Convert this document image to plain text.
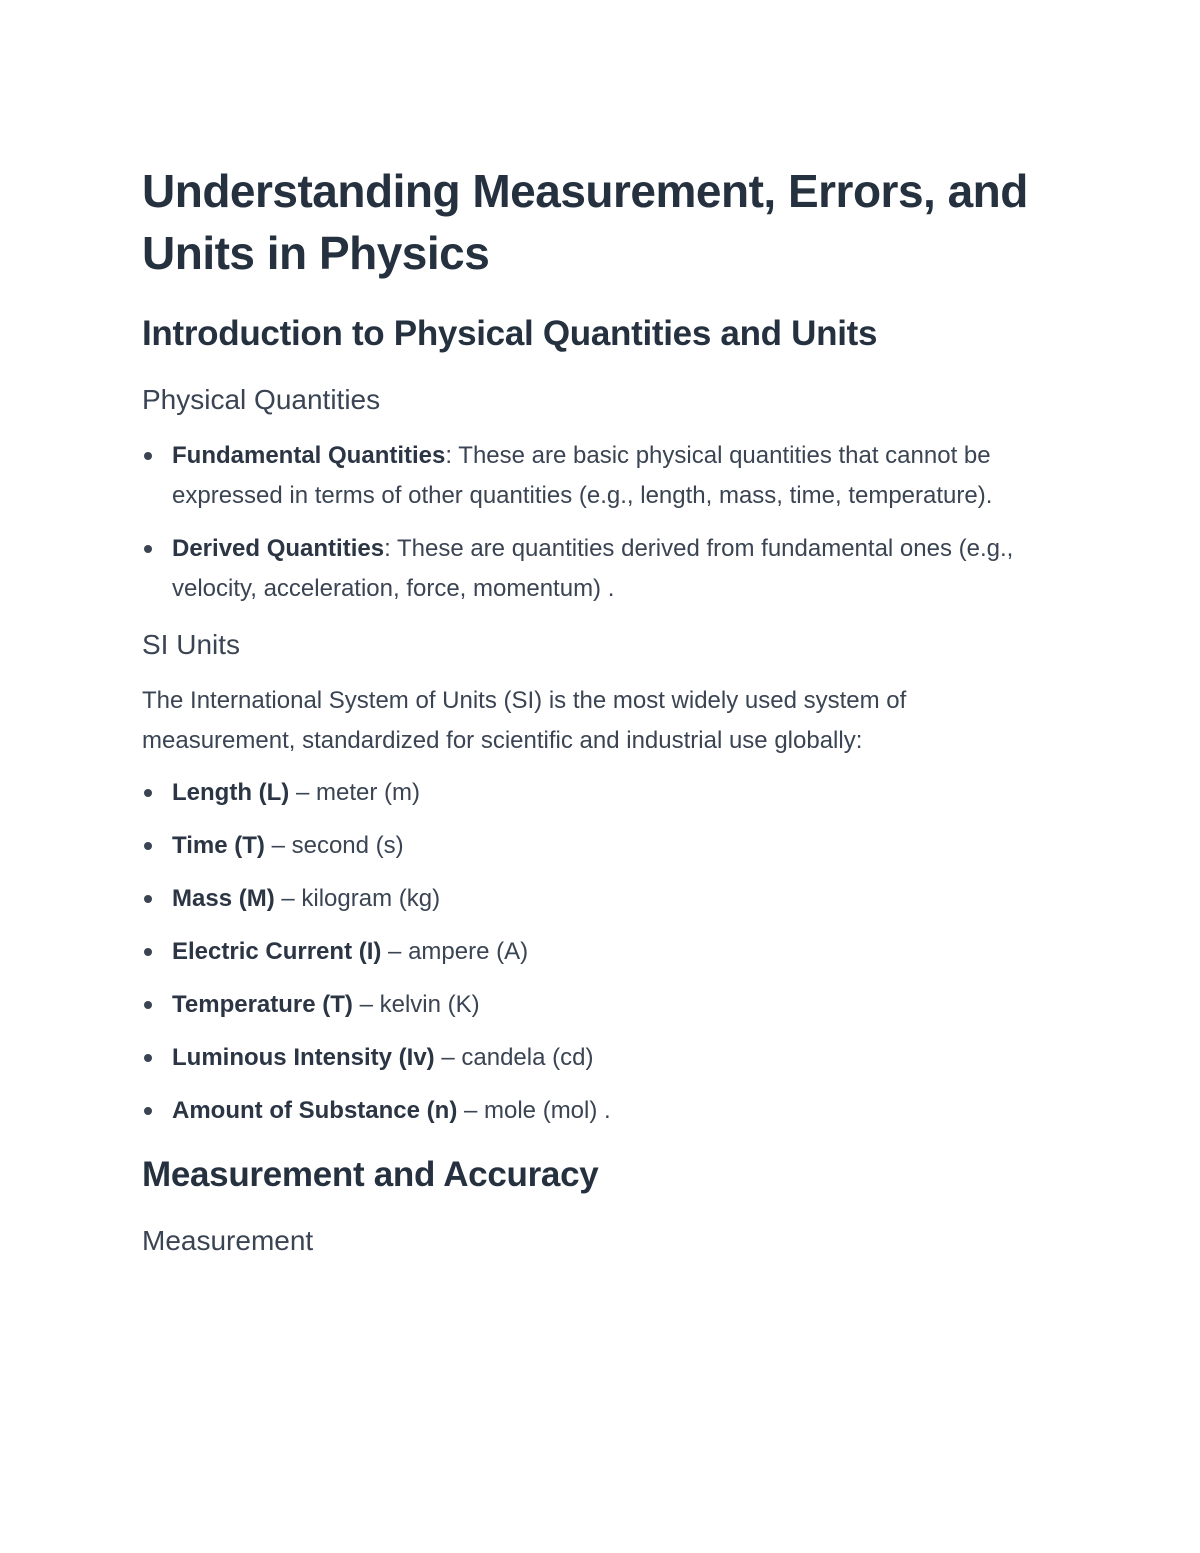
Understanding Measurement, Errors, and Units in Physics
Introduction to Physical Quantities and Units
Physical Quantities
Fundamental Quantities: These are basic physical quantities that cannot be expressed in terms of other quantities (e.g., length, mass, time, temperature).
Derived Quantities: These are quantities derived from fundamental ones (e.g., velocity, acceleration, force, momentum) .
SI Units

The International System of Units (SI) is the most widely used system of measurement, standardized for scientific and industrial use globally:

Length (L) – meter (m)
Time (T) – second (s)
Mass (M) – kilogram (kg)
Electric Current (I) – ampere (A)
Temperature (T) – kelvin (K)
Luminous Intensity (Iv) – candela (cd)
Amount of Substance (n) – mole (mol) .
Measurement and Accuracy
Measurement
